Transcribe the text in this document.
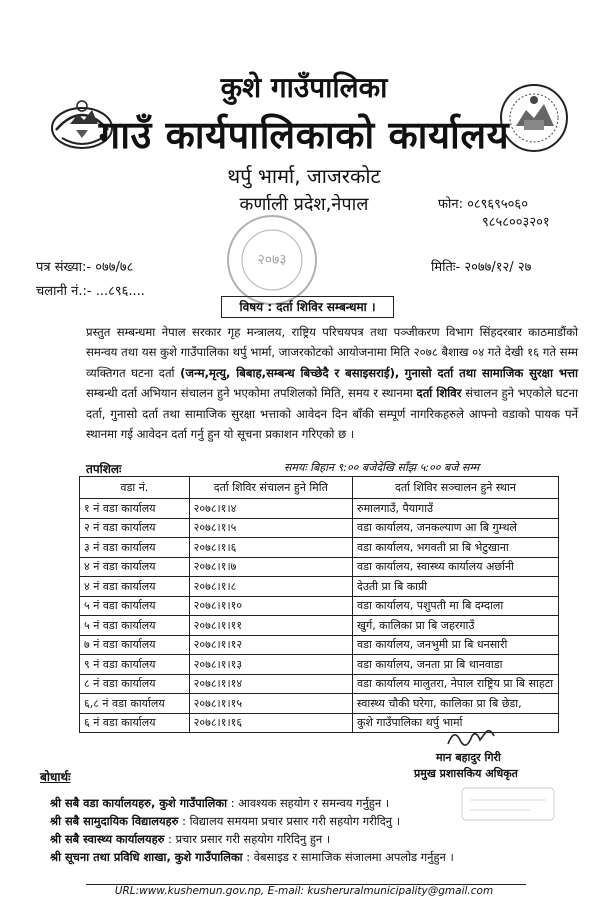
कुशे गाउँपालिका
गाउँ कार्यपालिकाको कार्यालय
थर्पु भार्मा, जाजरकोट
कर्णाली प्रदेश,नेपाल	फोन: ०८९६९५०६०
९८५८००३२०१
२०७३
पत्र संख्या:- ०७७/७८	मितिः- २०७७/१२/ २७
चलानी नं.:- ...८९६....
विषय : दर्ता शिविर सम्बन्धमा ।
प्रस्तुत सम्बन्धमा नेपाल सरकार गृह मन्त्रालय, राष्ट्रिय परिचयपत्र तथा पञ्जीकरण विभाग सिंहदरबार काठमाडौंको समन्वय तथा यस कुशे गाउँपालिका थर्पु भार्मा, जाजरकोटको आयोजनामा मिति २०७८ बैशाख ०४ गते देखी १६ गते सम्म व्यक्तिगत घटना दर्ता (जन्म,मृत्यु, बिबाह,सम्बन्ध बिच्छेदै र बसाइसराई), गुनासो दर्ता तथा सामाजिक सुरक्षा भत्ता सम्बन्धी दर्ता अभियान संचालन हुने भएकोमा तपशिलको मिति, समय र स्थानमा दर्ता शिविर संचालन हुने भएकोले घटना दर्ता, गुनासो दर्ता तथा सामाजिक सुरक्षा भत्ताको आवेदन दिन बाँकी सम्पूर्ण नागरिकहरुले आफ्नो वडाको पायक पर्ने स्थानमा गई आवेदन दर्ता गर्नु हुन यो सूचना प्रकाशन गरिएको छ ।
तपशिलः	समयः बिहान ९:०० बजेदेखि साँझ ५:०० बजे सम्म
वडा नं.	दर्ता शिविर संचालन हुने मिति	दर्ता शिविर सञ्चालन हुने स्थान
१ नं वडा कार्यालय	२०७८।१।४	रुमालगाउँ, पैयागाउँ
२ नं वडा कार्यालय	२०७८।१।५	वडा कार्यालय, जनकल्याण आ बि गुम्थले
३ नं वडा कार्यालय	२०७८।१।६	वडा कार्यालय, भगवती प्रा बि भेटुखाना
४ नं वडा कार्यालय	२०७८।१।७	वडा कार्यालय, स्वास्थ्य कार्यालय अर्छानी
४ नं वडा कार्यालय	२०७८।१।८	देउती प्रा बि काप्री
५ नं वडा कार्यालय	२०७८।१।१०	वडा कार्यालय, पशुपती मा बि दम्दाला
५ नं वडा कार्यालय	२०७८।१।११	खुर्ग, कालिका प्रा बि जहरगाउँ
७ नं वडा कार्यालय	२०७८।१।१२	वडा कार्यालय, जनभुमी प्रा बि धनसारी
९ नं वडा कार्यालय	२०७८।१।१३	वडा कार्यालय, जनता प्रा बि थानवाडा
८ नं वडा कार्यालय	२०७८।१।१४	वडा कार्यालय मालुतरा, नेपाल राष्ट्रिय प्रा बि साहटा
६,८ नं वडा कार्यालय	२०७८।१।१५	स्वास्थ्य चौकी घरेगा, कालिका प्रा बि छेडा,
६ नं वडा कार्यालय	२०७८।१।१६	कुशे गाउँपालिका थर्पु भार्मा
मान बहादुर गिरी
प्रमुख प्रशासकिय अधिकृत
बोधार्थः
श्री सबै वडा कार्यालयहरु, कुशे गाउँपालिका : आवश्यक सहयोग र समन्वय गर्नुहुन ।
श्री सबै सामुदायिक विद्यालयहरु : विद्यालय समयमा प्रचार प्रसार गरी सहयोग गरीदिनु ।
श्री सबै स्वास्थ्य कार्यालयहरु : प्रचार प्रसार गरी सहयोग गरिदिनु हुन ।
श्री सूचना तथा प्रविधि शाखा, कुशे गाउँपालिका : वेबसाइड र सामाजिक संजालमा अपलोड गर्नुहुन ।
URL:www.kushemun.gov.np, E-mail: kusheruralmunicipality@gmail.com
